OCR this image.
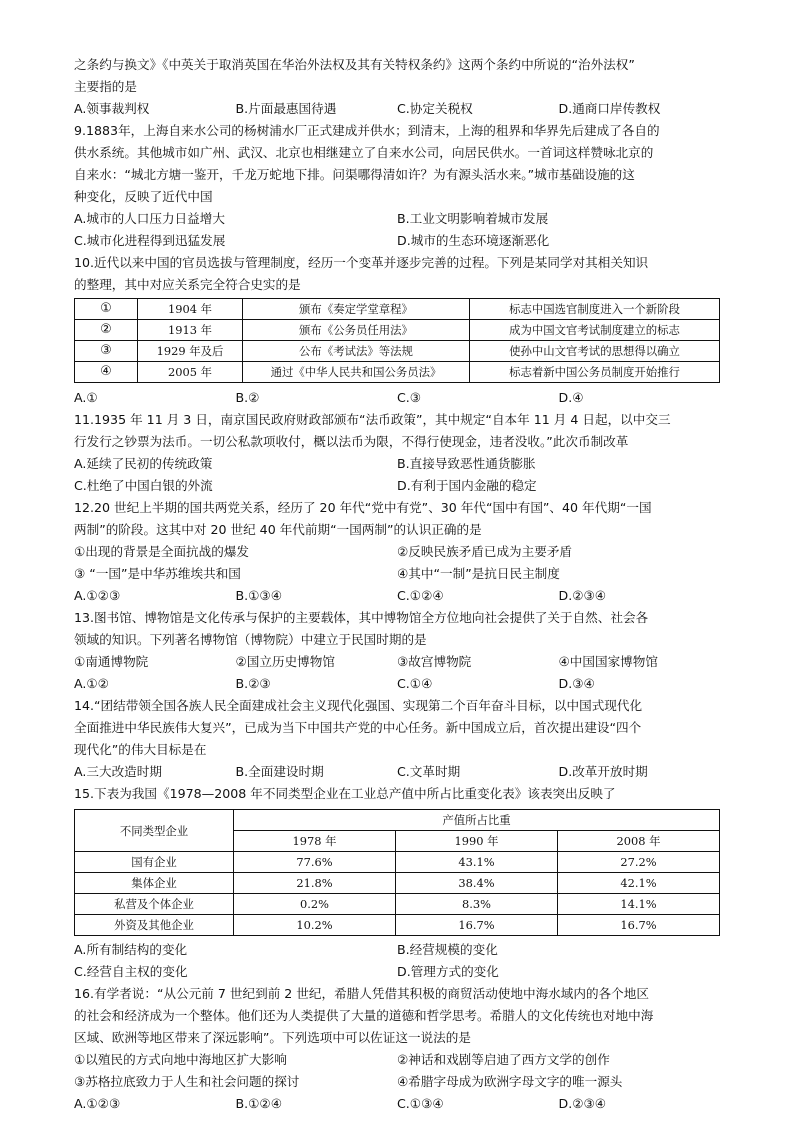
之条约与换文》《中英关于取消英国在华治外法权及其有关特权条约》这两个条约中所说的“治外法权”
主要指的是
A.领事裁判权	B.片面最惠国待遇	C.协定关税权	D.通商口岸传教权
9.1883年，上海自来水公司的杨树浦水厂正式建成并供水；到清末，上海的租界和华界先后建成了各自的
供水系统。其他城市如广州、武汉、北京也相继建立了自来水公司，向居民供水。一首词这样赞咏北京的
自来水：“城北方塘一鉴开，千龙万蛇地下排。问渠哪得清如许？为有源头活水来。”城市基础设施的这
种变化，反映了近代中国
A.城市的人口压力日益增大	B.工业文明影响着城市发展
C.城市化进程得到迅猛发展	D.城市的生态环境逐渐恶化
10.近代以来中国的官员选拔与管理制度，经历一个变革并逐步完善的过程。下列是某同学对其相关知识
的整理，其中对应关系完全符合史实的是
①	1904 年	颁布《奏定学堂章程》	标志中国选官制度进入一个新阶段
②	1913 年	颁布《公务员任用法》	成为中国文官考试制度建立的标志
③	1929 年及后	公布《考试法》等法规	使孙中山文官考试的思想得以确立
④	2005 年	通过《中华人民共和国公务员法》	标志着新中国公务员制度开始推行
A.①	B.②	C.③	D.④
11.1935 年 11 月 3 日，南京国民政府财政部颁布“法币政策”，其中规定“自本年 11 月 4 日起，以中交三
行发行之钞票为法币。一切公私款项收付，概以法币为限，不得行使现金，违者没收。”此次币制改革
A.延续了民初的传统政策	B.直接导致恶性通货膨胀
C.杜绝了中国白银的外流	D.有利于国内金融的稳定
12.20 世纪上半期的国共两党关系，经历了 20 年代“党中有党”、30 年代“国中有国”、40 年代期“一国
两制”的阶段。这其中对 20 世纪 40 年代前期“一国两制”的认识正确的是
①出现的背景是全面抗战的爆发	②反映民族矛盾已成为主要矛盾
③ “一国”是中华苏维埃共和国	④其中“一制”是抗日民主制度
A.①②③	B.①③④	C.①②④	D.②③④
13.图书馆、博物馆是文化传承与保护的主要载体，其中博物馆全方位地向社会提供了关于自然、社会各
领域的知识。下列著名博物馆（博物院）中建立于民国时期的是
①南通博物院	②国立历史博物馆	③故宫博物院	④中国国家博物馆
A.①②	B.②③	C.①④	D.③④
14.“团结带领全国各族人民全面建成社会主义现代化强国、实现第二个百年奋斗目标，以中国式现代化
全面推进中华民族伟大复兴”，已成为当下中国共产党的中心任务。新中国成立后，首次提出建设“四个
现代化”的伟大目标是在
A.三大改造时期	B.全面建设时期	C.文革时期	D.改革开放时期
15.下表为我国《1978—2008 年不同类型企业在工业总产值中所占比重变化表》该表突出反映了
不同类型企业	产值所占比重		
	1978 年	1990 年	2008 年
国有企业	77.6%	43.1%	27.2%
集体企业	21.8%	38.4%	42.1%
私营及个体企业	0.2%	8.3%	14.1%
外资及其他企业	10.2%	16.7%	16.7%
A.所有制结构的变化	B.经营规模的变化
C.经营自主权的变化	D.管理方式的变化
16.有学者说：“从公元前 7 世纪到前 2 世纪，希腊人凭借其积极的商贸活动使地中海水域内的各个地区
的社会和经济成为一个整体。他们还为人类提供了大量的道德和哲学思考。希腊人的文化传统也对地中海
区域、欧洲等地区带来了深远影响”。下列选项中可以佐证这一说法的是
①以殖民的方式向地中海地区扩大影响	②神话和戏剧等启迪了西方文学的创作
③苏格拉底致力于人生和社会问题的探讨	④希腊字母成为欧洲字母文字的唯一源头
A.①②③	B.①②④	C.①③④	D.②③④
